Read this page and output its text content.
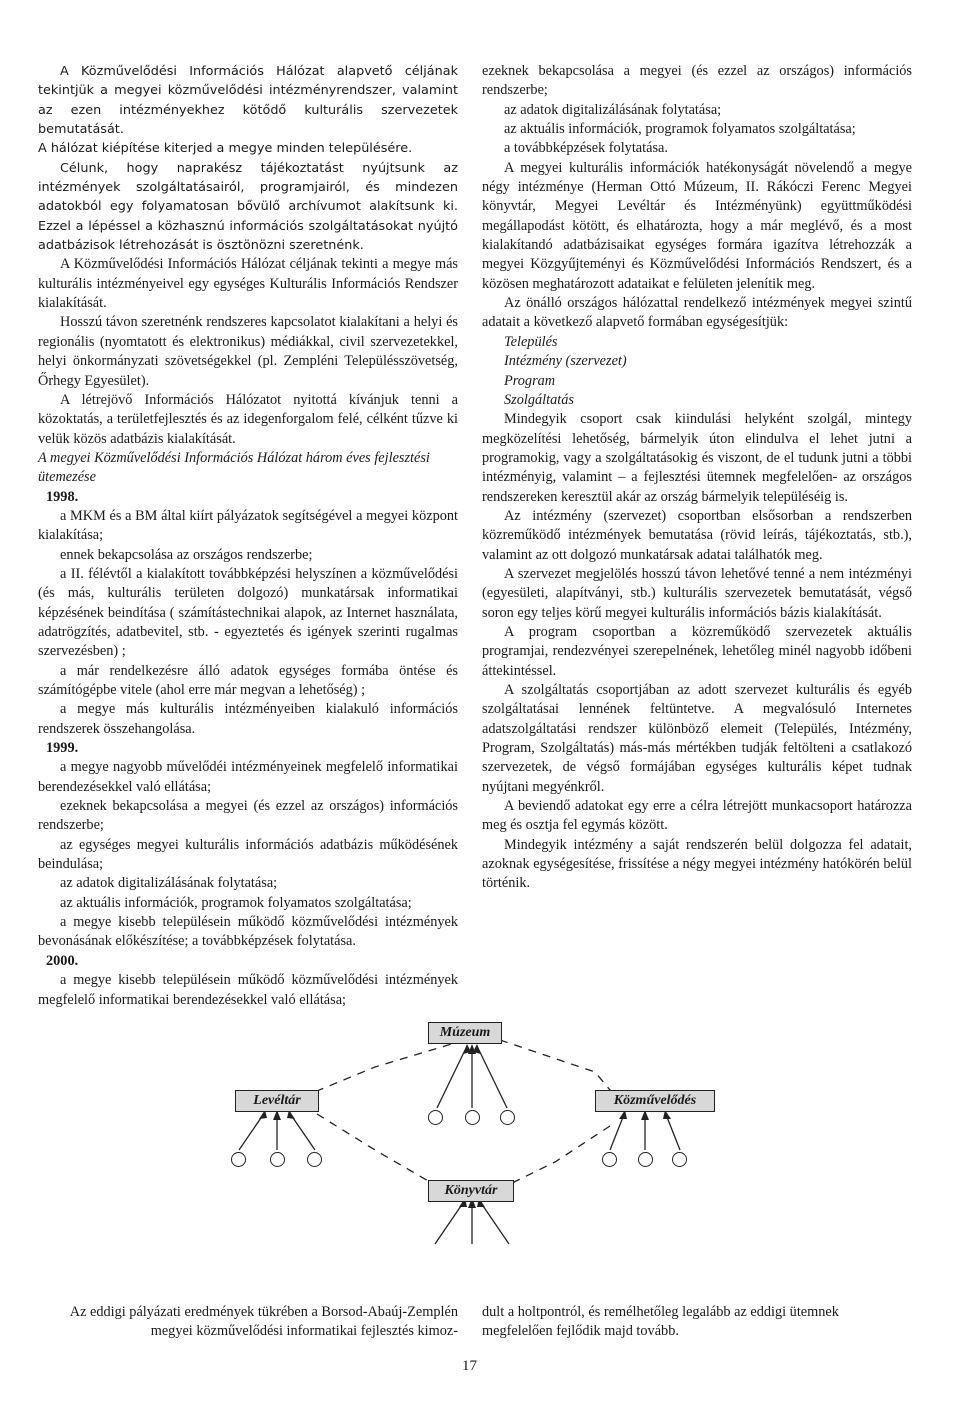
A Közművelődési Információs Hálózat alapvető céljának tekintjük a megyei közművelődési intézményrendszer, valamint az ezen intézményekhez kötődő kulturális szervezetek bemutatását.

A hálózat kiépítése kiterjed a megye minden településére.

Célunk, hogy naprakész tájékoztatást nyújtsunk az intézmények szolgáltatásairól, programjairól, és mindezen adatokból egy folyamatosan bővülő archívumot alakítsunk ki. Ezzel a lépéssel a közhasznú információs szolgáltatásokat nyújtó adatbázisok létrehozását is ösztönözni szeretnénk.

A Közművelődési Információs Hálózat céljának tekinti a megye más kulturális intézményeivel egy egységes Kulturális Információs Rendszer kialakítását.

Hosszú távon szeretnénk rendszeres kapcsolatot kialakítani a helyi és regionális (nyomtatott és elektronikus) médiákkal, civil szervezetekkel, helyi önkormányzati szövetségekkel (pl. Zempléni Településszövetség, Őrhegy Egyesület).

A létrejövő Információs Hálózatot nyitottá kívánjuk tenni a közoktatás, a területfejlesztés és az idegenforgalom felé, célként tűzve ki velük közös adatbázis kialakítását.

A megyei Közművelődési Információs Hálózat három éves fejlesztési ütemezése

1998.

a MKM és a BM által kiírt pályázatok segítségével a megyei központ kialakítása;

ennek bekapcsolása az országos rendszerbe;

a II. félévtől a kialakított továbbképzési helyszínen a közművelődési (és más, kulturális területen dolgozó) munkatársak informatikai képzésének beindítása ( számítástechnikai alapok, az Internet használata, adatrögzítés, adatbevitel, stb. - egyeztetés és igények szerinti rugalmas szervezésben) ;

a már rendelkezésre álló adatok egységes formába öntése és számítógépbe vitele (ahol erre már megvan a lehetőség) ;

a megye más kulturális intézményeiben kialakuló információs rendszerek összehangolása.

1999.

a megye nagyobb művelődéi intézményeinek megfelelő informatikai berendezésekkel való ellátása;

ezeknek bekapcsolása a megyei (és ezzel az országos) információs rendszerbe;

az egységes megyei kulturális információs adatbázis működésének beindulása;

az adatok digitalizálásának folytatása;

az aktuális információk, programok folyamatos szolgáltatása;

a megye kisebb településein működő közművelődési intézmények bevonásának előkészítése; a továbbképzések folytatása.

2000.

a megye kisebb településein működő közművelődési intézmények megfelelő informatikai berendezésekkel való ellátása;

ezeknek bekapcsolása a megyei (és ezzel az országos) információs rendszerbe;

az adatok digitalizálásának folytatása;

az aktuális információk, programok folyamatos szolgáltatása;

a továbbképzések folytatása.

A megyei kulturális információk hatékonyságát növelendő a megye négy intézménye (Herman Ottó Múzeum, II. Rákóczi Ferenc Megyei könyvtár, Megyei Levéltár és Intézményünk) együttműködési megállapodást kötött, és elhatározta, hogy a már meglévő, és a most kialakítandó adatbázisaikat egységes formára igazítva létrehozzák a megyei Közgyűjteményi és Közművelődési Információs Rendszert, és a közösen meghatározott adataikat e felületen jelenítik meg.

Az önálló országos hálózattal rendelkező intézmények megyei szintű adatait a következő alapvető formában egységesítjük:

Település

Intézmény (szervezet)

Program

Szolgáltatás

Mindegyik csoport csak kiindulási helyként szolgál, mintegy megközelítési lehetőség, bármelyik úton elindulva el lehet jutni a programokig, vagy a szolgáltatásokig és viszont, de el tudunk jutni a többi intézményig, valamint – a fejlesztési ütemnek megfelelően- az országos rendszereken keresztül akár az ország bármelyik településéig is.

Az intézmény (szervezet) csoportban elsősorban a rendszerben közreműködő intézmények bemutatása (rövid leírás, tájékoztatás, stb.), valamint az ott dolgozó munkatársak adatai találhatók meg.

A szervezet megjelölés hosszú távon lehetővé tenné a nem intézményi (egyesületi, alapítványi, stb.) kulturális szervezetek bemutatását, végső soron egy teljes körű megyei kulturális információs bázis kialakítását.

A program csoportban a közreműködő szervezetek aktuális programjai, rendezvényei szerepelnének, lehetőleg minél nagyobb időbeni áttekintéssel.

A szolgáltatás csoportjában az adott szervezet kulturális és egyéb szolgáltatásai lennének feltüntetve. A megvalósuló Internetes adatszolgáltatási rendszer különböző elemeit (Település, Intézmény, Program, Szolgáltatás) más-más mértékben tudják feltölteni a csatlakozó szervezetek, de végső formájában egységes kulturális képet tudnak nyújtani megyénkről.

A beviendő adatokat egy erre a célra létrejött munkacsoport határozza meg és osztja fel egymás között.

Mindegyik intézmény a saját rendszerén belül dolgozza fel adatait, azoknak egységesítése, frissítése a négy megyei intézmény hatókörén belül történik.

Múzeum
Levéltár	Közművelődés
Könyvtár
Az eddigi pályázati eredmények tükrében a Borsod-Abaúj-Zemplén megyei közművelődési informatikai fejlesztés kimoz-
dult a holtpontról, és remélhetőleg legalább az eddigi ütemnek megfelelően fejlődik majd tovább.
17
